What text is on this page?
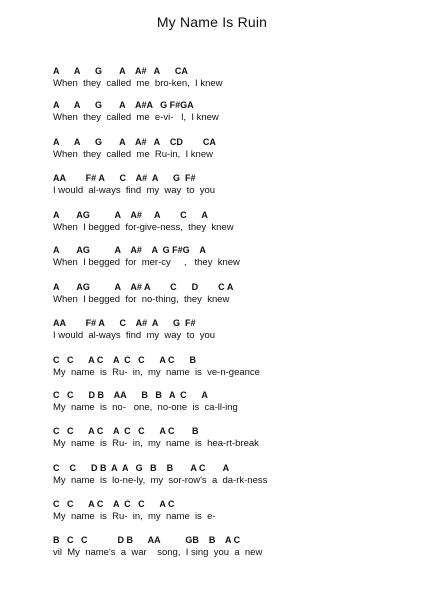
My Name Is Ruin
A      A      G       A    A#   A      CA
When  they  called  me  bro-ken,  I knew
A      A      G       A    A#A   G F#GA
When  they  called  me  e-vi-   l,  I knew
A      A      G       A    A#   A    CD        CA
When  they  called  me  Ru-in,  I knew
AA        F# A      C    A#  A      G  F#
I would  al-ways  find  my  way  to  you
A       AG          A    A#     A        C      A
When  I begged  for-give-ness,  they  knew
A       AG          A    A#    A  G F#G    A
When  I begged  for  mer-cy     ,   they  knew
A       AG          A    A# A        C      D        C A
When  I begged  for  no-thing,  they  knew
AA        F# A      C    A#  A      G  F#
I would  al-ways  find  my  way  to  you
C   C      A C    A  C   C      A C      B
My  name  is  Ru-  in,  my  name  is  ve-n-geance
C   C      D B    AA      B   B   A  C      A
My  name  is  no-   one,  no-one  is  ca-ll-ing
C   C      A C    A  C   C      A C       B
My  name  is  Ru-  in,  my  name  is  hea-rt-break
C    C      D B  A  A   G   B    B       A C       A
My  name  is  lo-ne-ly,  my  sor-row's  a  da-rk-ness
C   C      A C    A  C   C      A C
My  name  is  Ru-  in,  my  name  is  e-
B   C   C            D B      AA          GB    B    A C
vil  My  name's  a  war    song,  I sing  you  a  new
